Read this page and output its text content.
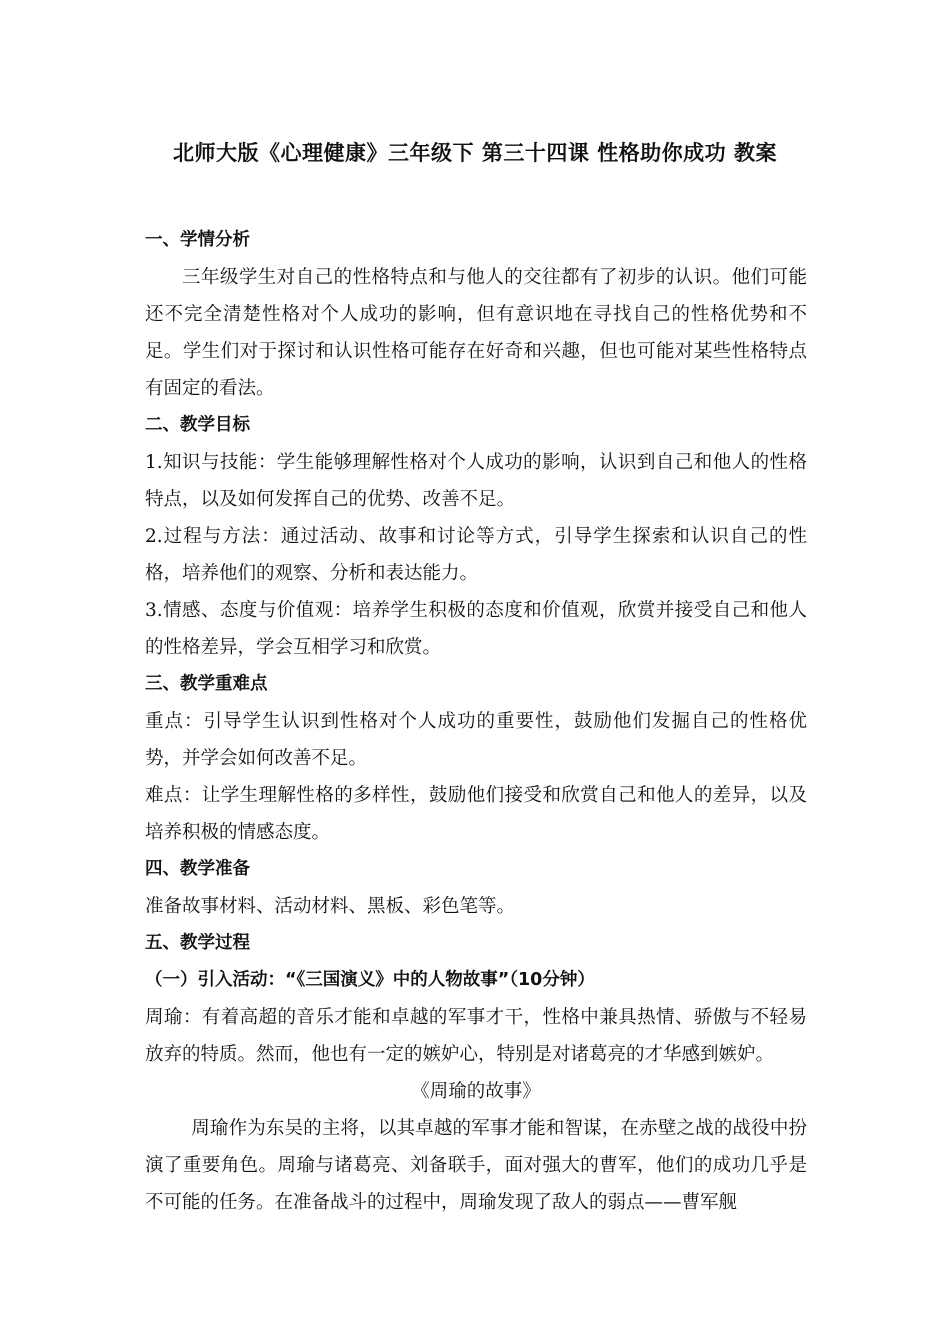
北师大版《心理健康》三年级下 第三十四课 性格助你成功 教案

一、学情分析

三年级学生对自己的性格特点和与他人的交往都有了初步的认识。他们可能还不完全清楚性格对个人成功的影响，但有意识地在寻找自己的性格优势和不足。学生们对于探讨和认识性格可能存在好奇和兴趣，但也可能对某些性格特点有固定的看法。

二、教学目标

1.知识与技能：学生能够理解性格对个人成功的影响，认识到自己和他人的性格特点，以及如何发挥自己的优势、改善不足。

2.过程与方法：通过活动、故事和讨论等方式，引导学生探索和认识自己的性格，培养他们的观察、分析和表达能力。

3.情感、态度与价值观：培养学生积极的态度和价值观，欣赏并接受自己和他人的性格差异，学会互相学习和欣赏。

三、教学重难点

重点：引导学生认识到性格对个人成功的重要性，鼓励他们发掘自己的性格优势，并学会如何改善不足。

难点：让学生理解性格的多样性，鼓励他们接受和欣赏自己和他人的差异，以及培养积极的情感态度。

四、教学准备

准备故事材料、活动材料、黑板、彩色笔等。

五、教学过程

（一）引入活动：“《三国演义》中的人物故事”（10分钟）

周瑜：有着高超的音乐才能和卓越的军事才干，性格中兼具热情、骄傲与不轻易放弃的特质。然而，他也有一定的嫉妒心，特别是对诸葛亮的才华感到嫉妒。

《周瑜的故事》

周瑜作为东吴的主将，以其卓越的军事才能和智谋，在赤壁之战的战役中扮演了重要角色。周瑜与诸葛亮、刘备联手，面对强大的曹军，他们的成功几乎是不可能的任务。在准备战斗的过程中，周瑜发现了敌人的弱点——曹军舰
